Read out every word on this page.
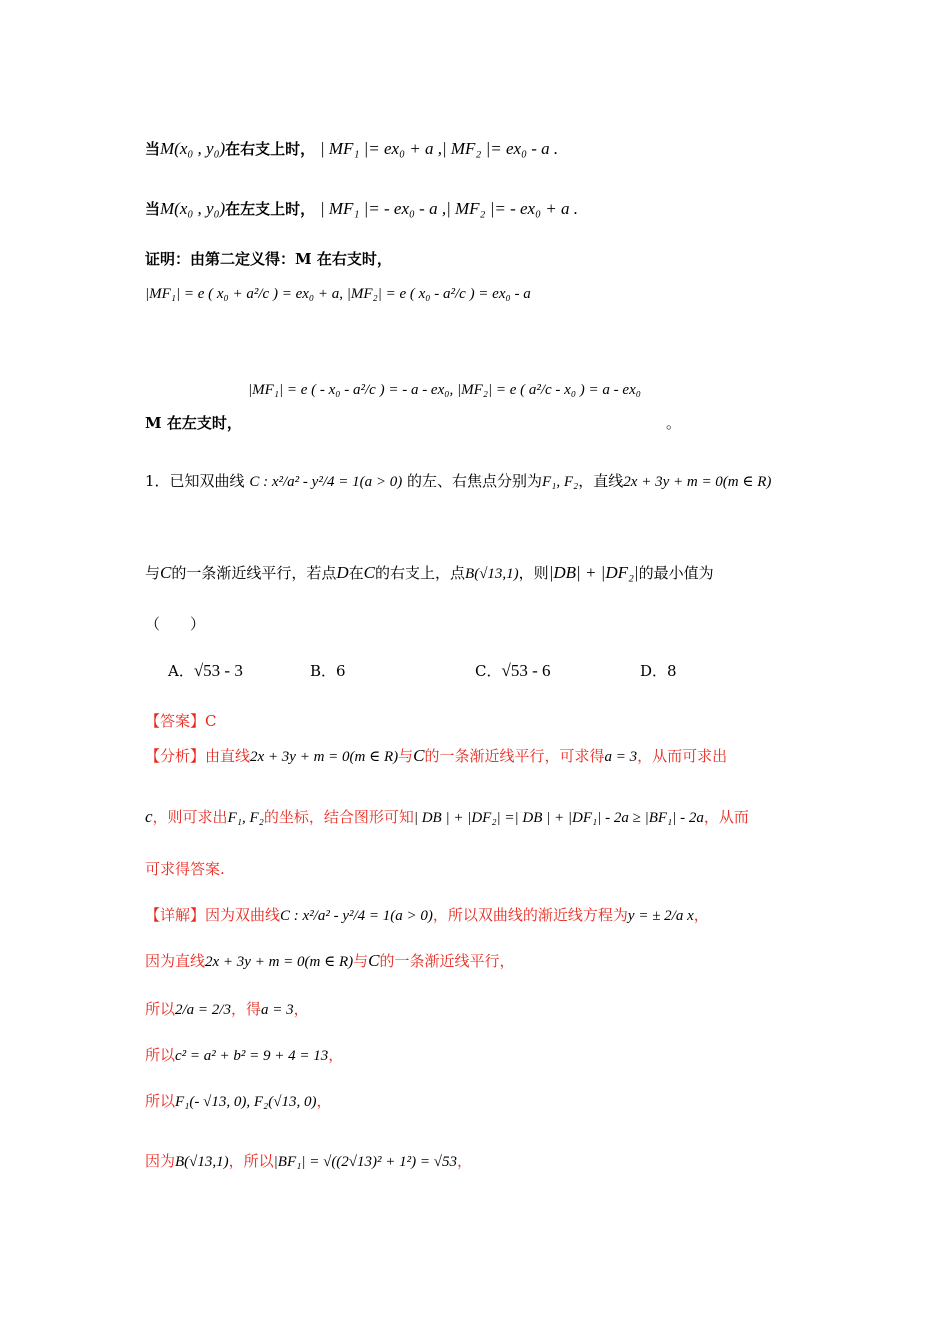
当M(x₀ , y₀)在右支上时， | MF₁ |= ex₀ + a ,| MF₂ |= ex₀ - a .
当M(x₀ , y₀)在左支上时， | MF₁ |= - ex₀ - a ,| MF₂ |= - ex₀ + a .
证明：由第二定义得：M 在右支时，
|MF₁| = e ( x₀ + a²/c ) = ex₀ + a, |MF₂| = e ( x₀ - a²/c ) = ex₀ - a
|MF₁| = e ( - x₀ - a²/c ) = - a - ex₀, |MF₂| = e ( a²/c - x₀ ) = a - ex₀
M 在左支时，	。
1．已知双曲线 C : x²/a² - y²/4 = 1(a > 0) 的左、右焦点分别为F₁, F₂，直线2x + 3y + m = 0(m ∈ R)
与C的一条渐近线平行，若点D在C的右支上，点B(√13,1)，则|DB| + |DF₂|的最小值为
（　　）
A．√53 - 3	B．6	C．√53 - 6	D．8
【答案】C
【分析】由直线2x + 3y + m = 0(m ∈ R)与C的一条渐近线平行，可求得a = 3，从而可求出
c，则可求出F₁, F₂的坐标，结合图形可知| DB | + |DF₂| =| DB | + |DF₁| - 2a ≥ |BF₁| - 2a，从而
可求得答案.
【详解】因为双曲线C : x²/a² - y²/4 = 1(a > 0)，所以双曲线的渐近线方程为y = ± 2/a x，
因为直线2x + 3y + m = 0(m ∈ R)与C的一条渐近线平行，
所以2/a = 2/3，得a = 3，
所以c² = a² + b² = 9 + 4 = 13，
所以F₁(- √13, 0), F₂(√13, 0)，
因为B(√13,1)，所以|BF₁| = √((2√13)² + 1²) = √53，
